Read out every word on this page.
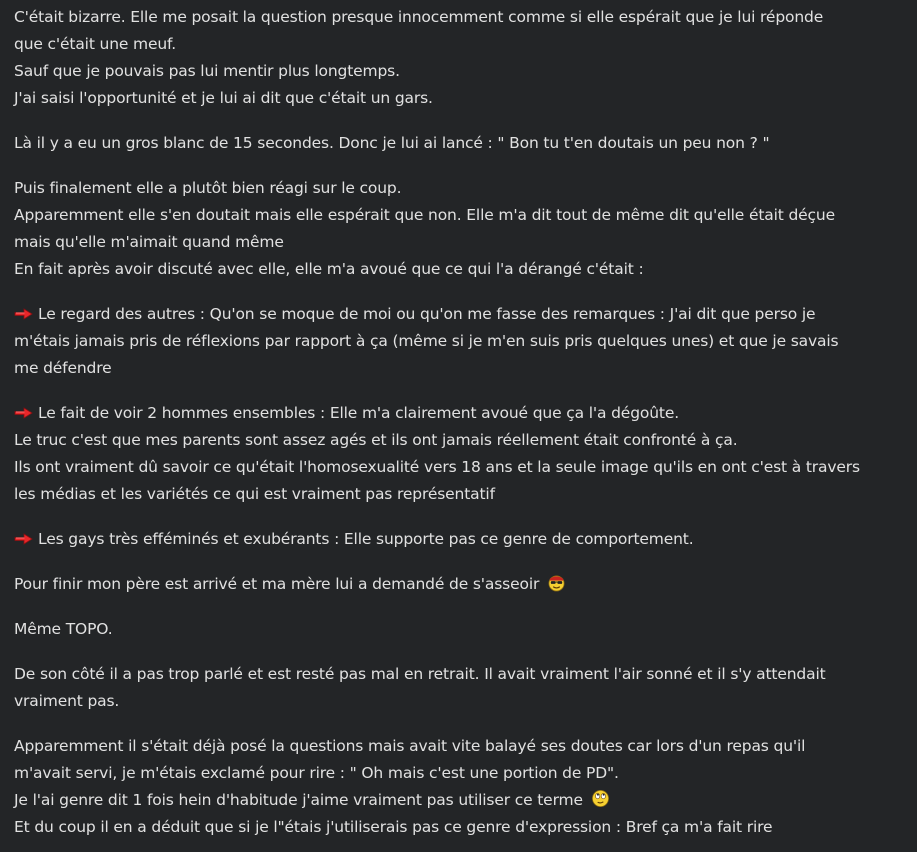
C'était bizarre. Elle me posait la question presque innocemment comme si elle espérait que je lui réponde
que c'était une meuf.
Sauf que je pouvais pas lui mentir plus longtemps.
J'ai saisi l'opportunité et je lui ai dit que c'était un gars.

Là il y a eu un gros blanc de 15 secondes. Donc je lui ai lancé : " Bon tu t'en doutais un peu non ? "

Puis finalement elle a plutôt bien réagi sur le coup.
Apparemment elle s'en doutait mais elle espérait que non. Elle m'a dit tout de même dit qu'elle était déçue
mais qu'elle m'aimait quand même
En fait après avoir discuté avec elle, elle m'a avoué que ce qui l'a dérangé c'était :

Le regard des autres : Qu'on se moque de moi ou qu'on me fasse des remarques : J'ai dit que perso je
m'étais jamais pris de réflexions par rapport à ça (même si je m'en suis pris quelques unes) et que je savais
me défendre

Le fait de voir 2 hommes ensembles : Elle m'a clairement avoué que ça l'a dégoûte.
Le truc c'est que mes parents sont assez agés et ils ont jamais réellement était confronté à ça.
Ils ont vraiment dû savoir ce qu'était l'homosexualité vers 18 ans et la seule image qu'ils en ont c'est à travers
les médias et les variétés ce qui est vraiment pas représentatif

Les gays très efféminés et exubérants : Elle supporte pas ce genre de comportement.

Pour finir mon père est arrivé et ma mère lui a demandé de s'asseoir

Même TOPO.

De son côté il a pas trop parlé et est resté pas mal en retrait. Il avait vraiment l'air sonné et il s'y attendait
vraiment pas.

Apparemment il s'était déjà posé la questions mais avait vite balayé ses doutes car lors d'un repas qu'il
m'avait servi, je m'étais exclamé pour rire : " Oh mais c'est une portion de PD".
Je l'ai genre dit 1 fois hein d'habitude j'aime vraiment pas utiliser ce terme
Et du coup il en a déduit que si je l"étais j'utiliserais pas ce genre d'expression : Bref ça m'a fait rire
